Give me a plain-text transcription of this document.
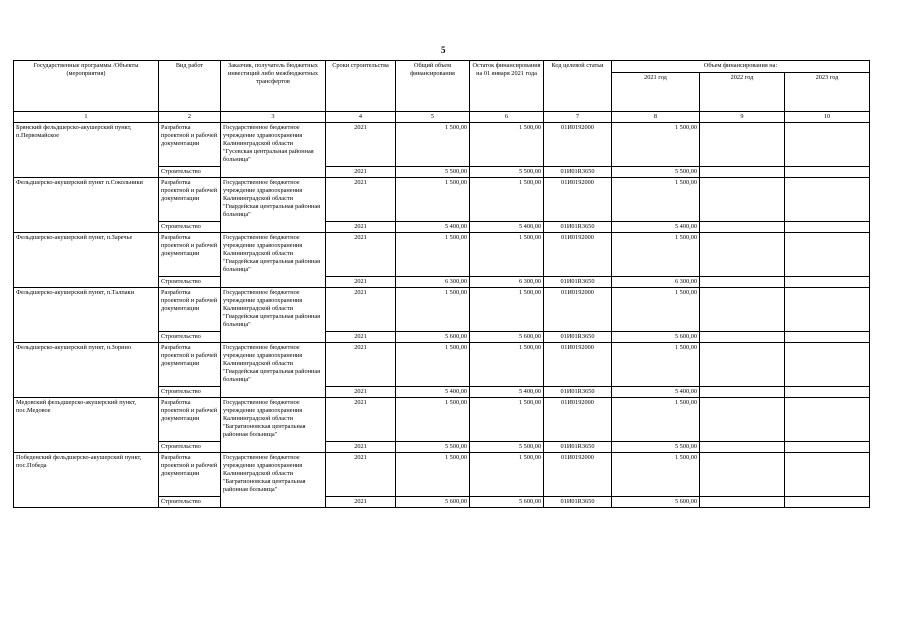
5
Государственные программы /Объекты (мероприятия)	Вид работ	Заказчик, получатель бюджетных инвестиций либо межбюджетных трансфертов	Сроки строительства	Общий объем финансирования	Остаток финансирования на 01 января 2021 года	Код целевой статьи	Объем финансирования на:		
							2021 год	2022 год	2023 год
1	2	3	4	5	6	7	8	9	10
Брянский фельдшерско-акушерский пункт, п.Первомайское	Разработка проектной и рабочей документации	Государственное бюджетное учреждение здравоохранения Калининградской области "Гусевская центральная районная больница"	2021	1 500,00	1 500,00	01И0192000	1 500,00		
	Строительство		2021	5 500,00	5 500,00	01И01R3650	5 500,00		
Фельдшерско-акушерский пункт п.Сокольники	Разработка проектной и рабочей документации	Государственное бюджетное учреждение здравоохранения Калининградской области "Гвардейская центральная районная больница"	2021	1 500,00	1 500,00	01И0192000	1 500,00		
	Строительство		2021	5 400,00	5 400,00	01И01R3650	5 400,00		
Фельдшерско-акушерский пункт, п.Заречье	Разработка проектной и рабочей документации	Государственное бюджетное учреждение здравоохранения Калининградской области "Гвардейская центральная районная больница"	2021	1 500,00	1 500,00	01И0192000	1 500,00		
	Строительство		2021	6 300,00	6 300,00	01И01R3650	6 300,00		
Фельдшерско-акушерский пункт, п.Талпаки	Разработка проектной и рабочей документации	Государственное бюджетное учреждение здравоохранения Калининградской области "Гвардейская центральная районная больница"	2021	1 500,00	1 500,00	01И0192000	1 500,00		
	Строительство		2021	5 600,00	5 600,00	01И01R3650	5 600,00		
Фельдшерско-акушерский пункт, п.Зорино	Разработка проектной и рабочей документации	Государственное бюджетное учреждение здравоохранения Калининградской области "Гвардейская центральная районная больница"	2021	1 500,00	1 500,00	01И0192000	1 500,00		
	Строительство		2021	5 400,00	5 400,00	01И01R3650	5 400,00		
Медовский фельдшерско-акушерский пункт, пос.Медовое	Разработка проектной и рабочей документации	Государственное бюджетное учреждение здравоохранения Калининградской области "Багратионовская центральная районная больница"	2021	1 500,00	1 500,00	01И0192000	1 500,00		
	Строительство		2021	5 500,00	5 500,00	01И01R3650	5 500,00		
Победенский фельдшерско-акушерский пункт, пос.Победа	Разработка проектной и рабочей документации	Государственное бюджетное учреждение здравоохранения Калининградской области "Багратионовская центральная районная больница"	2021	1 500,00	1 500,00	01И0192000	1 500,00		
	Строительство		2021	5 600,00	5 600,00	01И01R3650	5 600,00		
